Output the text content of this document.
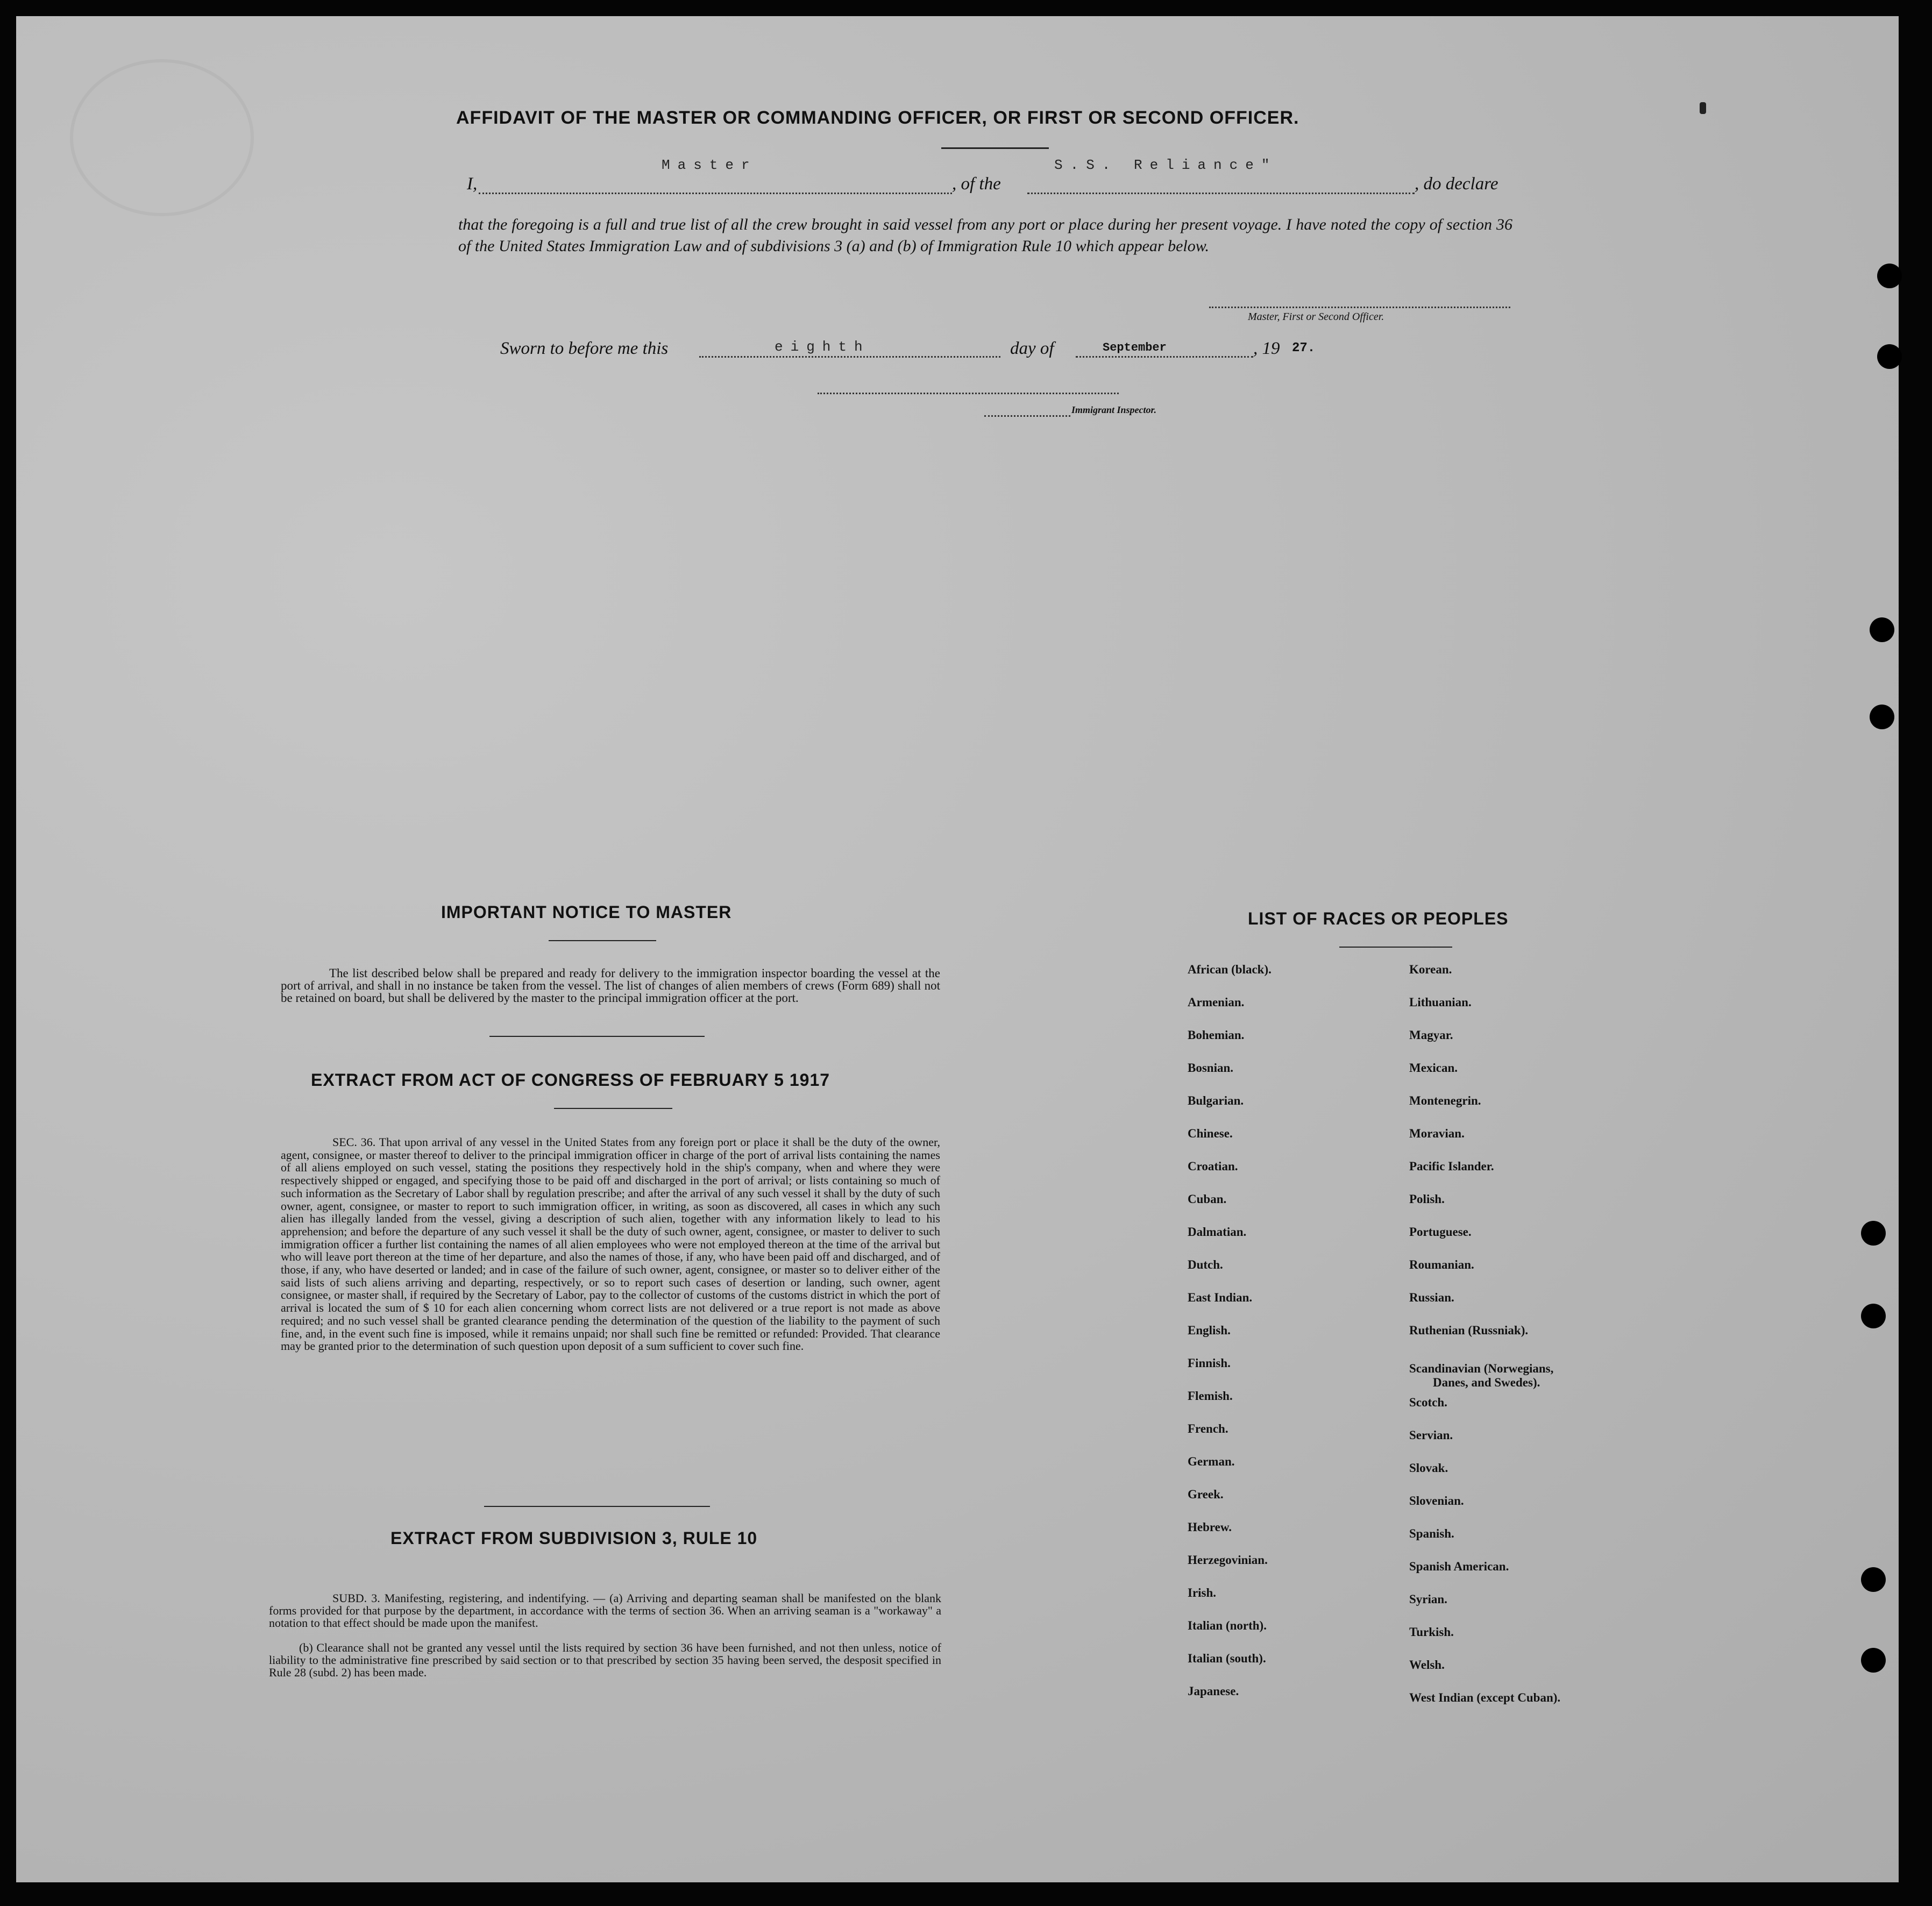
AFFIDAVIT OF THE MASTER OR COMMANDING OFFICER, OR FIRST OR SECOND OFFICER.
I,
Master
, of the
S.S. Reliance"
, do declare

that the foregoing is a full and true list of all the crew brought in said vessel from any port or place during her present voyage. I have noted the copy of section 36 of the United States Immigration Law and of subdivisions 3 (a) and (b) of Immigration Rule 10 which appear below.

Master, First or Second Officer.
Sworn to before me this	eighth	day of	September	, 19 27.
Immigrant Inspector.
IMPORTANT NOTICE TO MASTER

The list described below shall be prepared and ready for delivery to the immigration inspector boarding the vessel at the port of arrival, and shall in no instance be taken from the vessel. The list of changes of alien members of crews (Form 689) shall not be retained on board, but shall be delivered by the master to the principal immigration officer at the port.

EXTRACT FROM ACT OF CONGRESS OF FEBRUARY 5 1917

SEC. 36. That upon arrival of any vessel in the United States from any foreign port or place it shall be the duty of the owner, agent, consignee, or master thereof to deliver to the principal immigration officer in charge of the port of arrival lists containing the names of all aliens employed on such vessel, stating the positions they respectively hold in the ship's company, when and where they were respectively shipped or engaged, and specifying those to be paid off and discharged in the port of arrival; or lists containing so much of such information as the Secretary of Labor shall by regulation prescribe; and after the arrival of any such vessel it shall by the duty of such owner, agent, consignee, or master to report to such immigration officer, in writing, as soon as discovered, all cases in which any such alien has illegally landed from the vessel, giving a description of such alien, together with any information likely to lead to his apprehension; and before the departure of any such vessel it shall be the duty of such owner, agent, consignee, or master to deliver to such immigration officer a further list containing the names of all alien employees who were not employed thereon at the time of the arrival but who will leave port thereon at the time of her departure, and also the names of those, if any, who have been paid off and discharged, and of those, if any, who have deserted or landed; and in case of the failure of such owner, agent, consignee, or master so to deliver either of the said lists of such aliens arriving and departing, respectively, or so to report such cases of desertion or landing, such owner, agent consignee, or master shall, if required by the Secretary of Labor, pay to the collector of customs of the customs district in which the port of arrival is located the sum of $ 10 for each alien concerning whom correct lists are not delivered or a true report is not made as above required; and no such vessel shall be granted clearance pending the determination of the question of the liability to the payment of such fine, and, in the event such fine is imposed, while it remains unpaid; nor shall such fine be remitted or refunded: Provided. That clearance may be granted prior to the determination of such question upon deposit of a sum sufficient to cover such fine.

EXTRACT FROM SUBDIVISION 3, RULE 10

SUBD. 3. Manifesting, registering, and indentifying. — (a) Arriving and departing seaman shall be manifested on the blank forms provided for that purpose by the department, in accordance with the terms of section 36. When an arriving seaman is a "workaway" a notation to that effect should be made upon the manifest.

(b) Clearance shall not be granted any vessel until the lists required by section 36 have been furnished, and not then unless, notice of liability to the administrative fine prescribed by said section or to that prescribed by section 35 having been served, the desposit specified in Rule 28 (subd. 2) has been made.

LIST OF RACES OR PEOPLES
African (black).
Armenian.
Bohemian.
Bosnian.
Bulgarian.
Chinese.
Croatian.
Cuban.
Dalmatian.
Dutch.
East Indian.
English.
Finnish.
Flemish.
French.
German.
Greek.
Hebrew.
Herzegovinian.
Irish.
Italian (north).
Italian (south).
Japanese.
Korean.
Lithuanian.
Magyar.
Mexican.
Montenegrin.
Moravian.
Pacific Islander.
Polish.
Portuguese.
Roumanian.
Russian.
Ruthenian (Russniak).
Scandinavian (Norwegians,
Danes, and Swedes).
Scotch.
Servian.
Slovak.
Slovenian.
Spanish.
Spanish American.
Syrian.
Turkish.
Welsh.
West Indian (except Cuban).
